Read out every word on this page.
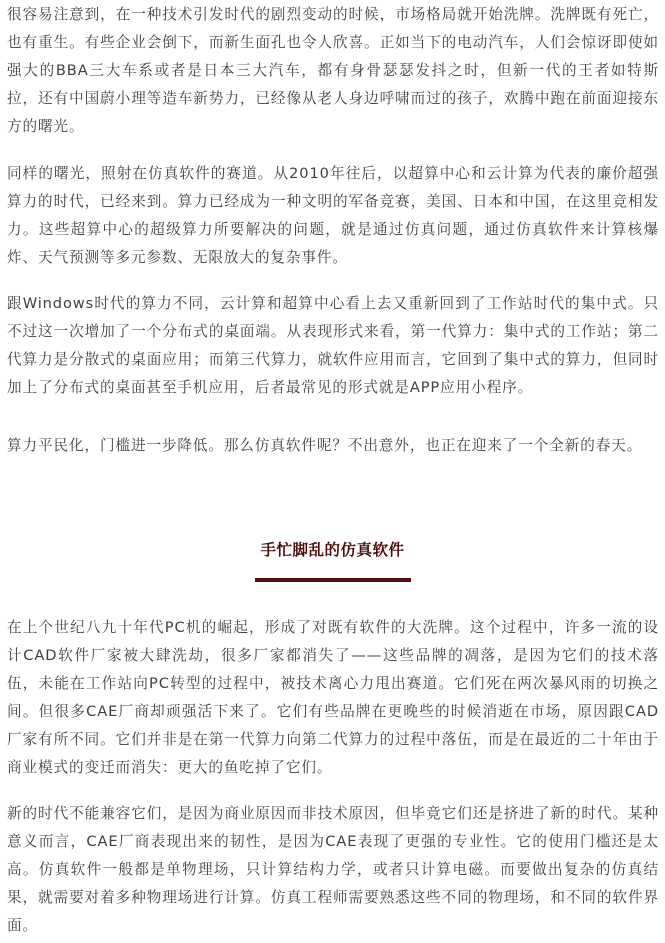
很容易注意到，在一种技术引发时代的剧烈变动的时候，市场格局就开始洗牌。洗牌既有死亡，也有重生。有些企业会倒下，而新生面孔也令人欣喜。正如当下的电动汽车，人们会惊讶即使如强大的BBA三大车系或者是日本三大汽车，都有身骨瑟瑟发抖之时，但新一代的王者如特斯拉，还有中国蔚小理等造车新势力，已经像从老人身边呼啸而过的孩子，欢腾中跑在前面迎接东方的曙光。

同样的曙光，照射在仿真软件的赛道。从2010年往后，以超算中心和云计算为代表的廉价超强算力的时代，已经来到。算力已经成为一种文明的军备竞赛，美国、日本和中国，在这里竞相发力。这些超算中心的超级算力所要解决的问题，就是通过仿真问题，通过仿真软件来计算核爆炸、天气预测等多元参数、无限放大的复杂事件。

跟Windows时代的算力不同，云计算和超算中心看上去又重新回到了工作站时代的集中式。只不过这一次增加了一个分布式的桌面端。从表现形式来看，第一代算力：集中式的工作站；第二代算力是分散式的桌面应用；而第三代算力，就软件应用而言，它回到了集中式的算力，但同时加上了分布式的桌面甚至手机应用，后者最常见的形式就是APP应用小程序。

算力平民化，门槛进一步降低。那么仿真软件呢？不出意外，也正在迎来了一个全新的春天。

手忙脚乱的仿真软件

在上个世纪八九十年代PC机的崛起，形成了对既有软件的大洗牌。这个过程中，许多一流的设计CAD软件厂家被大肆洗劫，很多厂家都消失了——这些品牌的凋落，是因为它们的技术落伍，未能在工作站向PC转型的过程中，被技术离心力甩出赛道。它们死在两次暴风雨的切换之间。但很多CAE厂商却顽强活下来了。它们有些品牌在更晚些的时候消逝在市场，原因跟CAD厂家有所不同。它们并非是在第一代算力向第二代算力的过程中落伍，而是在最近的二十年由于商业模式的变迁而消失：更大的鱼吃掉了它们。

新的时代不能兼容它们，是因为商业原因而非技术原因，但毕竟它们还是挤进了新的时代。某种意义而言，CAE厂商表现出来的韧性，是因为CAE表现了更强的专业性。它的使用门槛还是太高。仿真软件一般都是单物理场，只计算结构力学，或者只计算电磁。而要做出复杂的仿真结果，就需要对着多种物理场进行计算。仿真工程师需要熟悉这些不同的物理场，和不同的软件界面。
